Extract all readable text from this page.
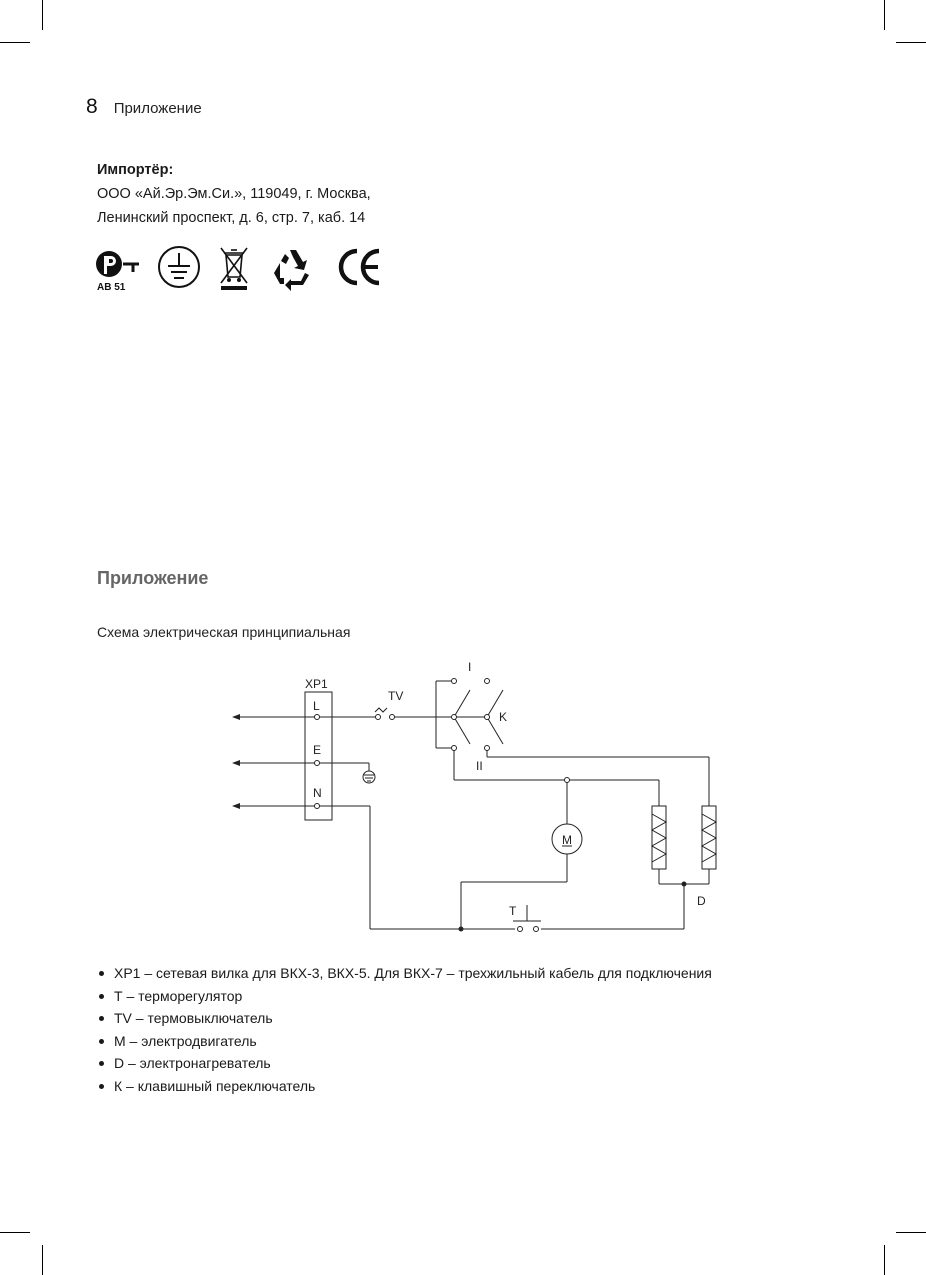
8 Приложение
Импортёр:
ООО «Ай.Эр.Эм.Си.», 119049, г. Москва,
Ленинский проспект, д. 6, стр. 7, каб. 14
AB 51
Приложение
Схема электрическая принципиальная
XP1
L
E
N
TV
I
II
K
M
T
D
XP1 – сетевая вилка для ВКХ-3, ВКХ-5. Для ВКХ-7 – трехжильный кабель для подключения
Т – терморегулятор
TV – термовыключатель
М – электродвигатель
D – электронагреватель
К – клавишный переключатель
